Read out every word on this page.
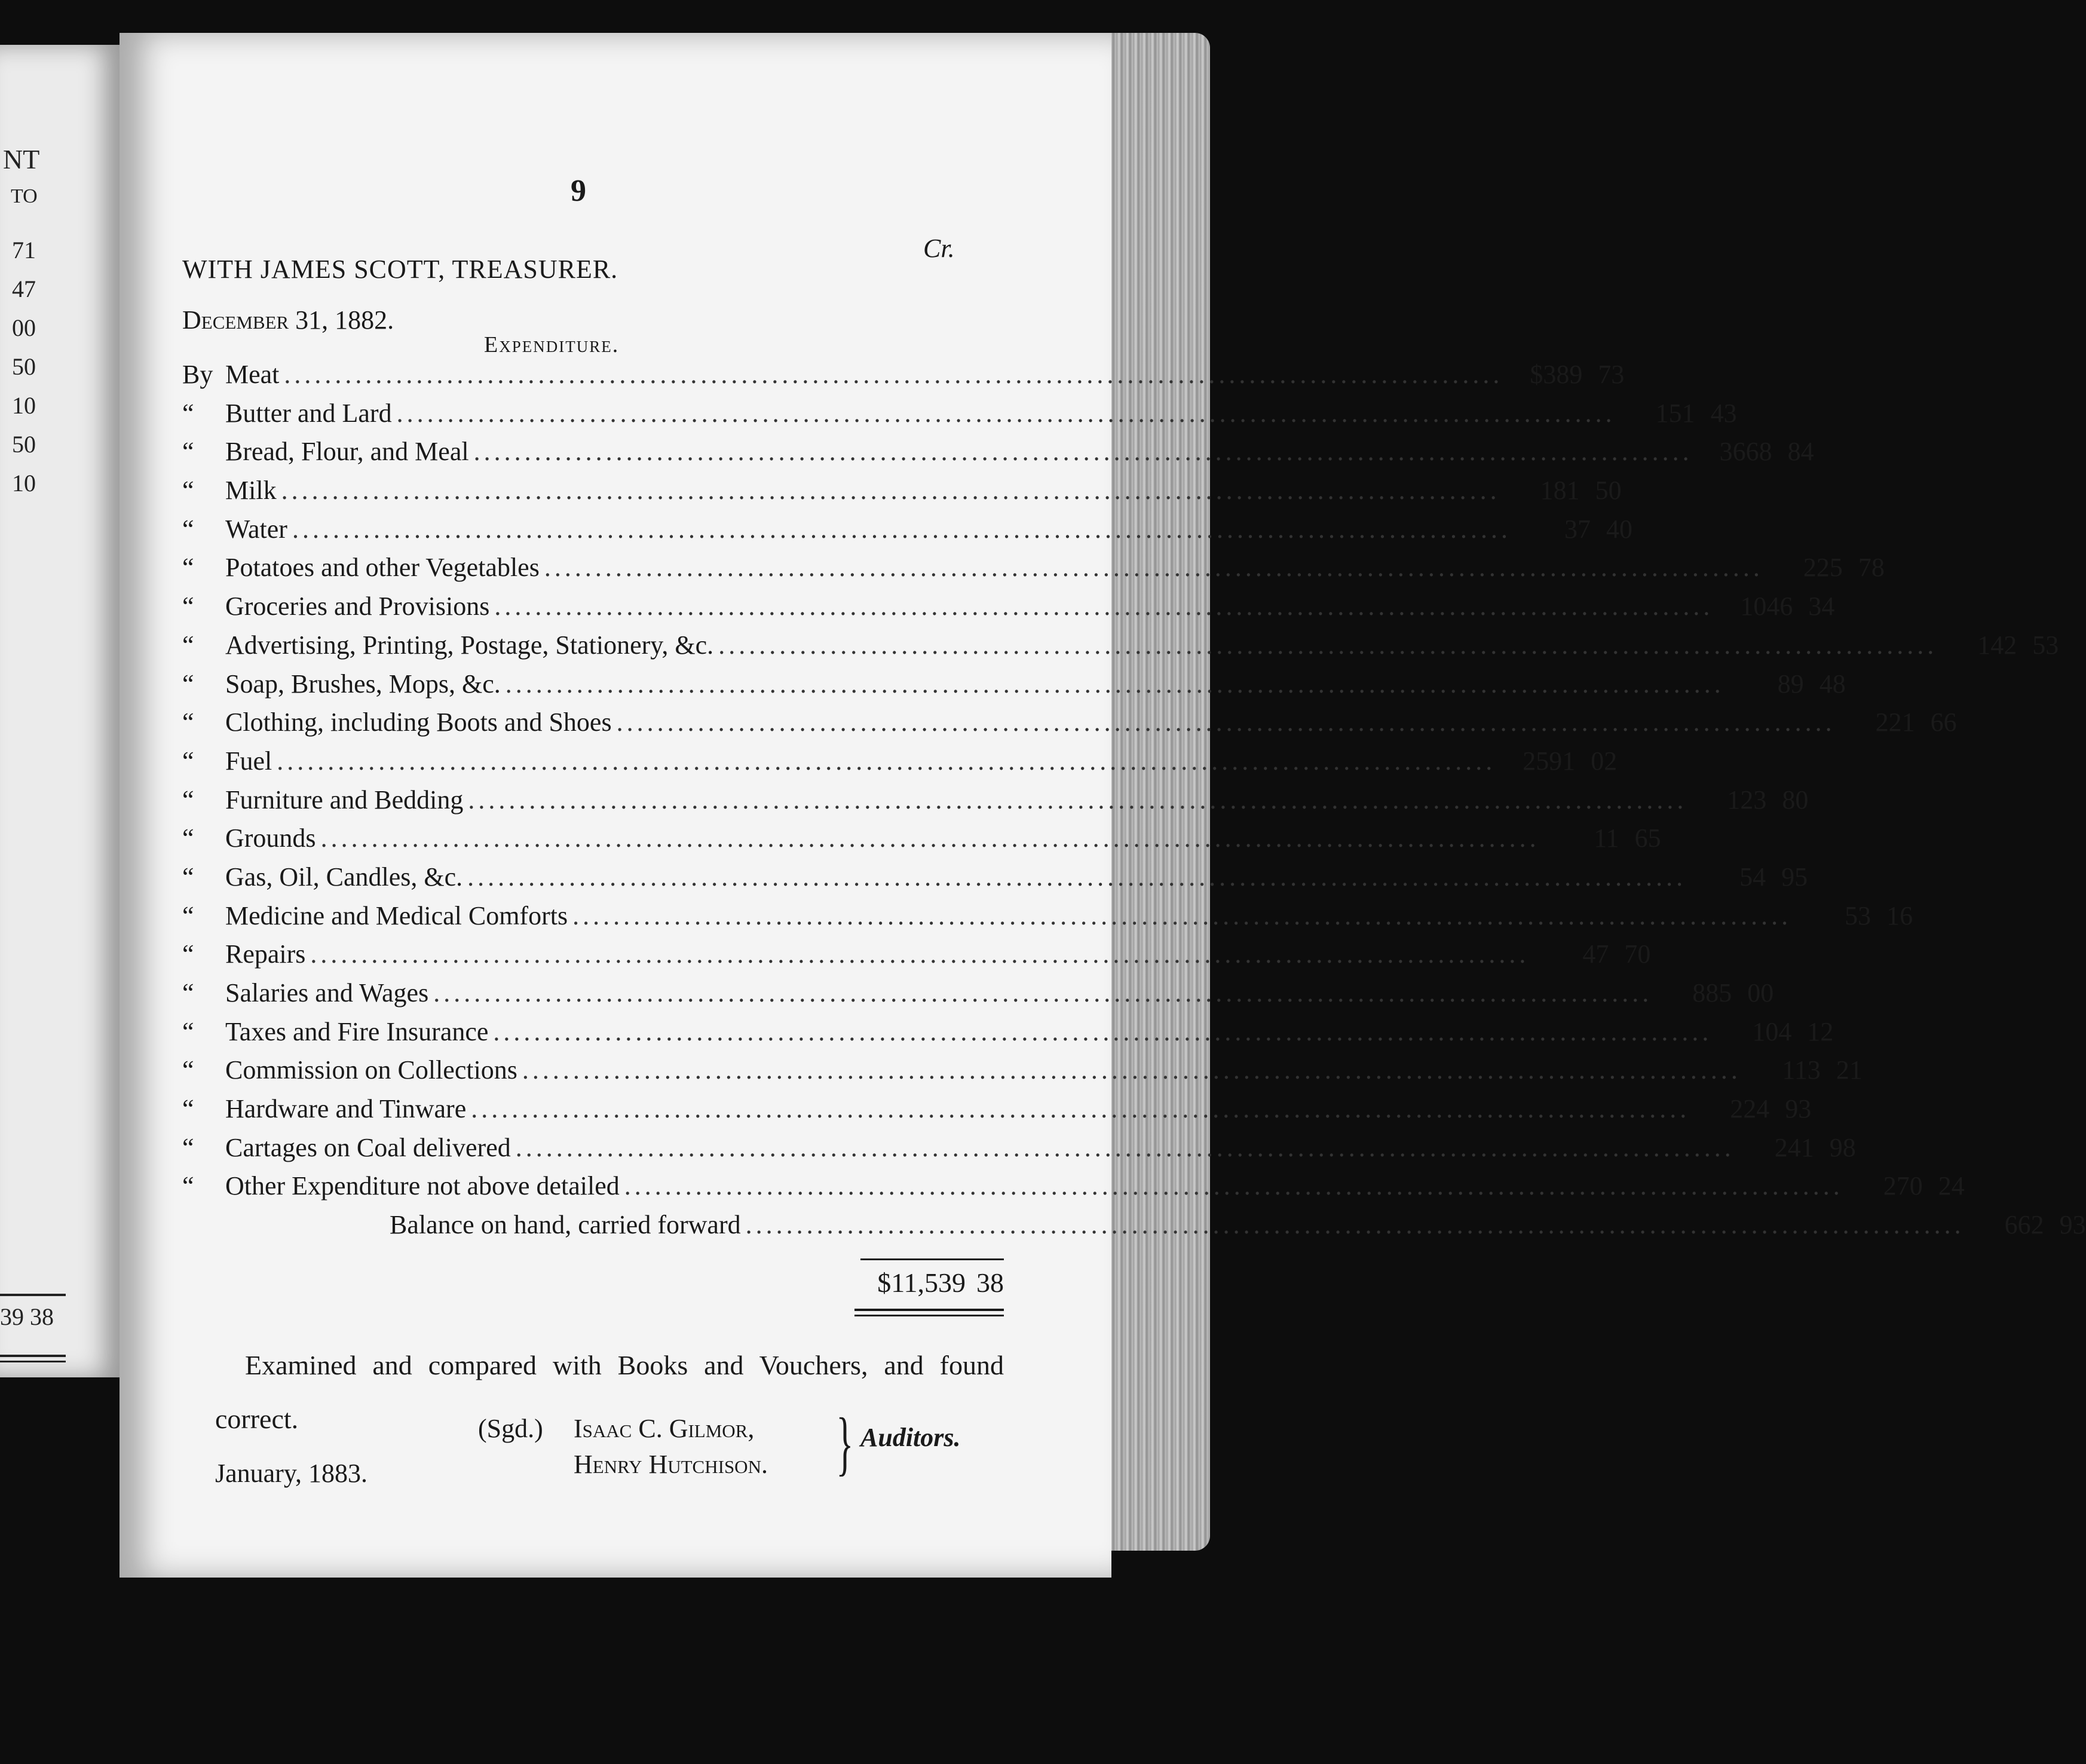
NT
TO
71
47
00
50
10
50
10
39 38
9
Cr.
WITH JAMES SCOTT, TREASURER.
December 31, 1882.
Expenditure.
By Meat ........................................................................................................................	$389 73
“	Butter and Lard ........................................................................................................................	151 43
“	Bread, Flour, and Meal ........................................................................................................................	3668 84
“	Milk ........................................................................................................................	181 50
“	Water ........................................................................................................................	37 40
“	Potatoes and other Vegetables ........................................................................................................................	225 78
“	Groceries and Provisions ........................................................................................................................	1046 34
“	Advertising, Printing, Postage, Stationery, &c. ........................................................................................................................	142 53
“	Soap, Brushes, Mops, &c. ........................................................................................................................	89 48
“	Clothing, including Boots and Shoes ........................................................................................................................	221 66
“	Fuel ........................................................................................................................	2591 02
“	Furniture and Bedding ........................................................................................................................	123 80
“	Grounds ........................................................................................................................	11 65
“	Gas, Oil, Candles, &c. ........................................................................................................................	54 95
“	Medicine and Medical Comforts ........................................................................................................................	53 16
“	Repairs ........................................................................................................................	47 70
“	Salaries and Wages ........................................................................................................................	885 00
“	Taxes and Fire Insurance ........................................................................................................................	104 12
“	Commission on Collections ........................................................................................................................	113 21
“	Hardware and Tinware ........................................................................................................................	224 93
“	Cartages on Coal delivered ........................................................................................................................	241 98
“	Other Expenditure not above detailed ........................................................................................................................	270 24
Balance on hand, carried forward ........................................................................................................................	662 93
$11,539 38
Examined and compared with Books and Vouchers, and found correct.
January, 1883.
(Sgd.) Isaac C. Gilmor,
Henry Hutchison. } Auditors.
